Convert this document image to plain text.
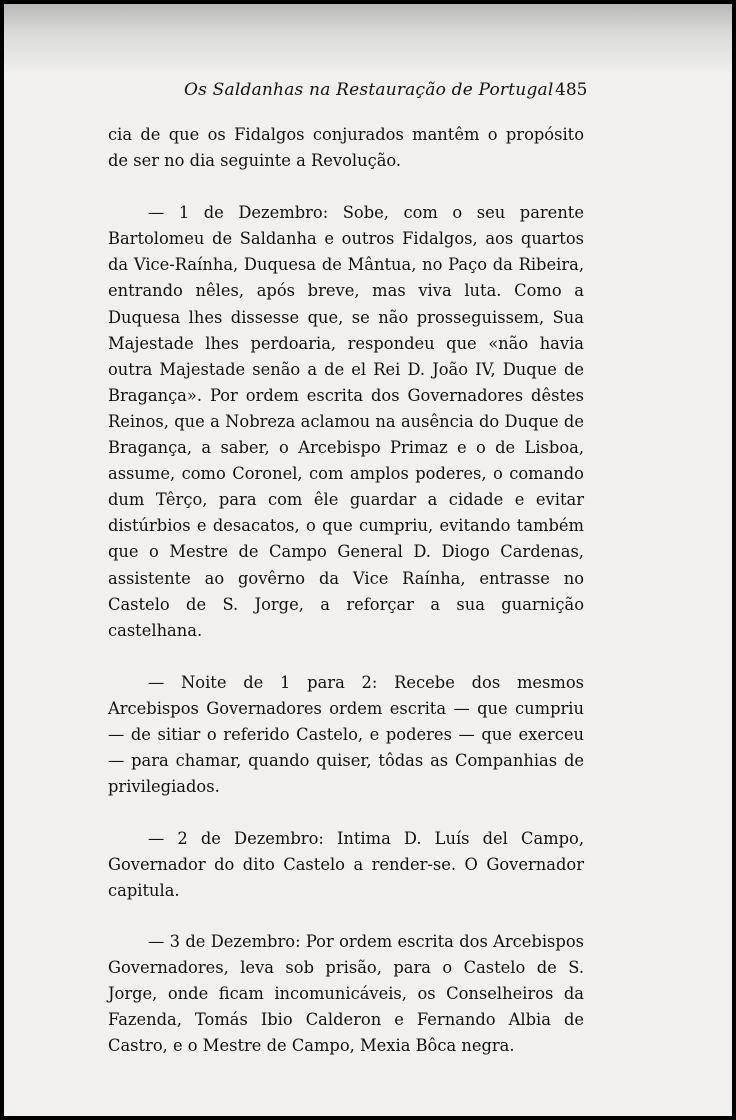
Os Saldanhas na Restauração de Portugal 485

cia de que os Fidalgos conjurados mantêm o propósito de ser no dia seguinte a Revolução.

— 1 de Dezembro: Sobe, com o seu parente Bartolomeu de Saldanha e outros Fidalgos, aos quartos da Vice-Raínha, Duquesa de Mântua, no Paço da Ribeira, entrando nêles, após breve, mas viva luta. Como a Duquesa lhes dissesse que, se não prosseguissem, Sua Majestade lhes perdoaria, respondeu que «não havia outra Majestade senão a de el Rei D. João IV, Duque de Bragança». Por ordem escrita dos Governadores dêstes Reinos, que a Nobreza aclamou na ausência do Duque de Bragança, a saber, o Arcebispo Primaz e o de Lisboa, assume, como Coronel, com amplos poderes, o comando dum Têrço, para com êle guardar a cidade e evitar distúrbios e desacatos, o que cumpriu, evitando também que o Mestre de Campo General D. Diogo Cardenas, assistente ao govêrno da Vice Raínha, entrasse no Castelo de S. Jorge, a reforçar a sua guarnição castelhana.

— Noite de 1 para 2: Recebe dos mesmos Arcebispos Governadores ordem escrita — que cumpriu — de sitiar o referido Castelo, e poderes — que exerceu — para chamar, quando quiser, tôdas as Companhias de privilegiados.

— 2 de Dezembro: Intima D. Luís del Campo, Governador do dito Castelo a render-se. O Governador capitula.

— 3 de Dezembro: Por ordem escrita dos Arcebispos Governadores, leva sob prisão, para o Castelo de S. Jorge, onde ficam incomunicáveis, os Conselheiros da Fazenda, Tomás Ibio Calderon e Fernando Albia de Castro, e o Mestre de Campo, Mexia Bôca negra.
